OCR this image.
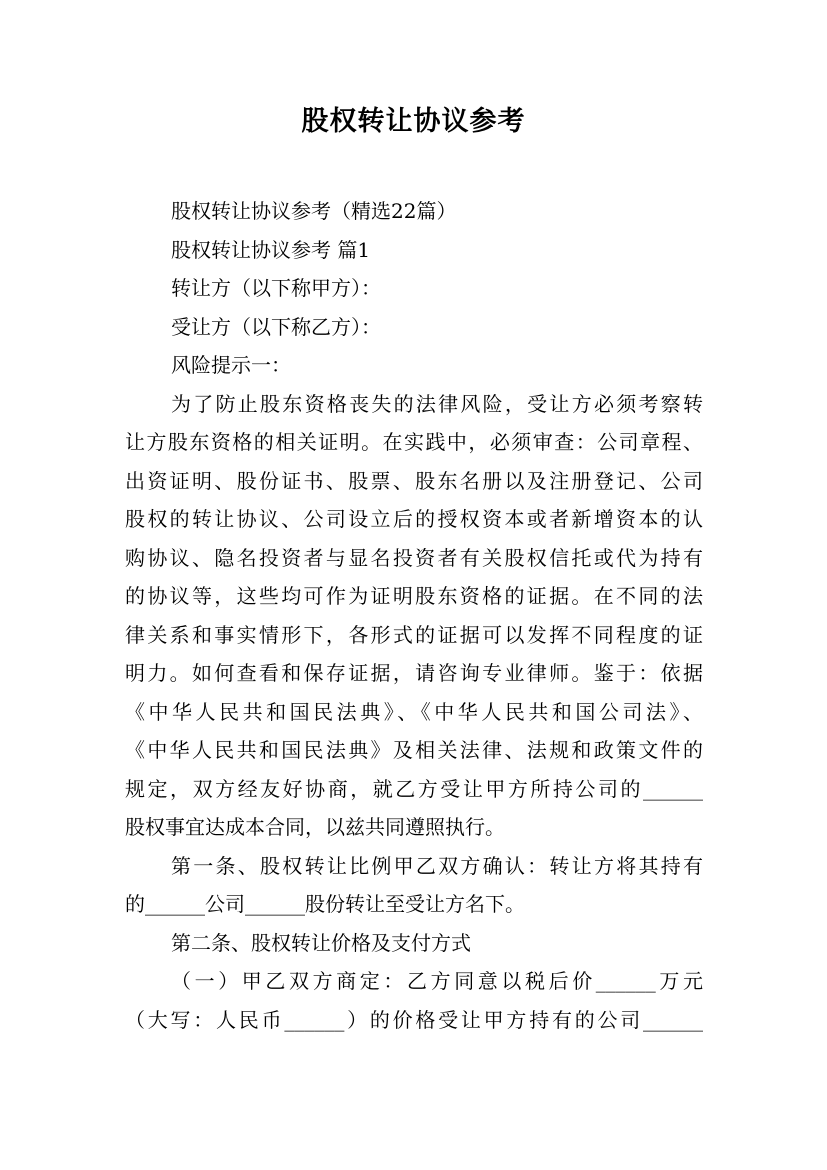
股权转让协议参考
股权转让协议参考（精选22篇）
股权转让协议参考 篇1
转让方（以下称甲方）：
受让方（以下称乙方）：
风险提示一：
为了防止股东资格丧失的法律风险，受让方必须考察转
让方股东资格的相关证明。在实践中，必须审查：公司章程、
出资证明、股份证书、股票、股东名册以及注册登记、公司
股权的转让协议、公司设立后的授权资本或者新增资本的认
购协议、隐名投资者与显名投资者有关股权信托或代为持有
的协议等，这些均可作为证明股东资格的证据。在不同的法
律关系和事实情形下，各形式的证据可以发挥不同程度的证
明力。如何查看和保存证据，请咨询专业律师。鉴于：依据
《中华人民共和国民法典》、《中华人民共和国公司法》、
《中华人民共和国民法典》及相关法律、法规和政策文件的
规定，双方经友好协商，就乙方受让甲方所持公司的______
股权事宜达成本合同，以兹共同遵照执行。
第一条、股权转让比例甲乙双方确认：转让方将其持有
的______公司______股份转让至受让方名下。
第二条、股权转让价格及支付方式
（一）甲乙双方商定：乙方同意以税后价______万元
（大写：人民币______）的价格受让甲方持有的公司______
